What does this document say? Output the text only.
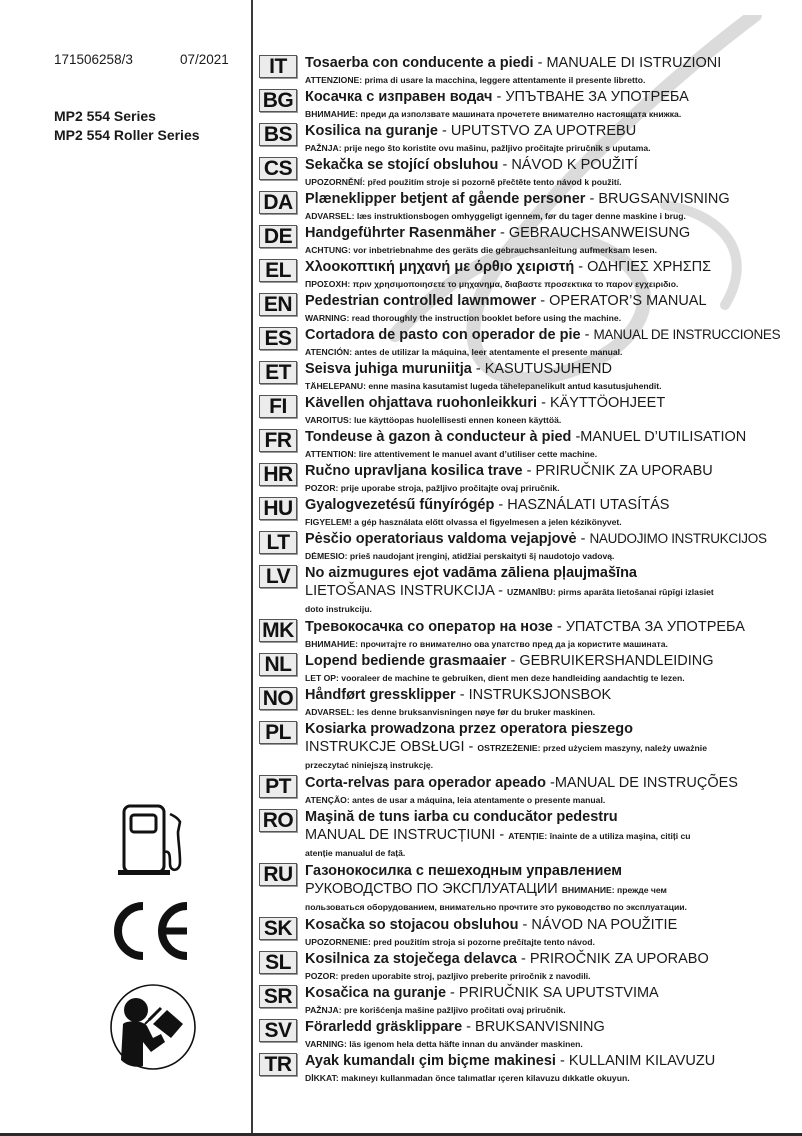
171506258/3	07/2021
MP2 554 Series
MP2 554 Roller Series
IT	Tosaerba con conducente a piedi - MANUALE DI ISTRUZIONI
ATTENZIONE: prima di usare la macchina, leggere attentamente il presente libretto.
BG Косачка с изправен водач - УПЪТВАНЕ ЗА УПОТРЕБА
ВНИМАНИЕ: преди да използвате машината прочетете внимателно настоящата книжка.
BS Kosilica na guranje - UPUTSTVO ZA UPOTREBU
PAŽNJA: prije nego što koristite ovu mašinu, pažljivo pročitajte priručnik s uputama.
CS Sekačka se stojící obsluhou - NÁVOD K POUŽITÍ
UPOZORNĚNÍ: před použitím stroje si pozorně přečtěte tento návod k použití.
DA Plæneklipper betjent af gående personer - BRUGSANVISNING
ADVARSEL: læs instruktionsbogen omhyggeligt igennem, før du tager denne maskine i brug.
DE Handgeführter Rasenmäher - GEBRAUCHSANWEISUNG
ACHTUNG: vor inbetriebnahme des geräts die gebrauchsanleitung aufmerksam lesen.
EL Χλοοκοπτική μηχανή με όρθιο χειριστή - ΟΔΗΓΙΕΣ ΧΡΗΣΠΣ
ΠΡΟΣΟΧΗ: πριν χρησιμοποιησετε το μηχανημα, διαβαστε προσεκτικα το παρον εγχειριδιο.
EN Pedestrian controlled lawnmower - OPERATOR’S MANUAL
WARNING: read thoroughly the instruction booklet before using the machine.
ES Cortadora de pasto con operador de pie - MANUAL DE INSTRUCCIONES
ATENCIÓN: antes de utilizar la máquina, leer atentamente el presente manual.
ET Seisva juhiga muruniitja - KASUTUSJUHEND
TÄHELEPANU: enne masina kasutamist lugeda tähelepanelikult antud kasutusjuhendit.
FI	Kävellen ohjattava ruohonleikkuri - KÄYTTÖOHJEET
VAROITUS: lue käyttöopas huolellisesti ennen koneen käyttöä.
FR Tondeuse à gazon à conducteur à pied -MANUEL D’UTILISATION
ATTENTION: lire attentivement le manuel avant d’utiliser cette machine.
HR Ručno upravljana kosilica trave - PRIRUČNIK ZA UPORABU
POZOR: prije uporabe stroja, pažljivo pročitajte ovaj priručnik.
HU Gyalogvezetésű fűnyírógép - HASZNÁLATI UTASÍTÁS
FIGYELEM! a gép használata előtt olvassa el figyelmesen a jelen kézikönyvet.
LT	Pėsčio operatoriaus valdoma vejapjovė - NAUDOJIMO INSTRUKCIJOS
DĖMESIO: prieš naudojant įrenginį, atidžiai perskaityti šį naudotojo vadovą.
LV	No aizmugures ejot vadāma zāliena pļaujmašīna
LIETOŠANAS INSTRUKCIJA - UZMANĪBU: pirms aparāta lietošanai rūpīgi izlasiet
doto instrukciju.
MK Тревокосачка со оператор на нозе - УПАТСТВА ЗА УПОТРЕБА
ВНИМАНИЕ: прочитајте го внимателно ова упатство пред да ја користите машината.
NL Lopend bediende grasmaaier - GEBRUIKERSHANDLEIDING
LET OP: vooraleer de machine te gebruiken, dient men deze handleiding aandachtig te lezen.
NO Håndført gressklipper - INSTRUKSJONSBOK
ADVARSEL: les denne bruksanvisningen nøye før du bruker maskinen.
PL Kosiarka prowadzona przez operatora pieszego
INSTRUKCJE OBSŁUGI - OSTRZEŻENIE: przed użyciem maszyny, należy uważnie
przeczytać niniejszą instrukcję.
PT Corta-relvas para operador apeado -MANUAL DE INSTRUÇÕES
ATENÇÃO: antes de usar a máquina, leia atentamente o presente manual.
RO Maşină de tuns iarba cu conducător pedestru
MANUAL DE INSTRUCȚIUNI - ATENȚIE: înainte de a utiliza maşina, citiți cu
atenție manualul de față.
RU Газонокосилка с пешеходным управлением
РУКОВОДСТВО ПО ЭКСПЛУАТАЦИИ ВНИМАНИЕ: прежде чем
пользоваться оборудованием, внимательно прочтите это руководство по эксплуатации.
SK Kosačka so stojacou obsluhou - NÁVOD NA POUŽITIE
UPOZORNENIE: pred použitím stroja si pozorne prečítajte tento návod.
SL Kosilnica za stoječega delavca - PRIROČNIK ZA UPORABO
POZOR: preden uporabite stroj, pazljivo preberite priročnik z navodili.
SR Kosačica na guranje - PRIRUČNIK SA UPUTSTVIMA
PAŽNJA: pre korišćenja mašine pažljivo pročitati ovaj priručnik.
SV Förarledd gräsklippare - BRUKSANVISNING
VARNING: läs igenom hela detta häfte innan du använder maskinen.
TR Ayak kumandalı çim biçme makinesi - KULLANIM KILAVUZU
DİKKAT: makıneyı kullanmadan önce talımatlar ıçeren kilavuzu dıkkatle okuyun.
